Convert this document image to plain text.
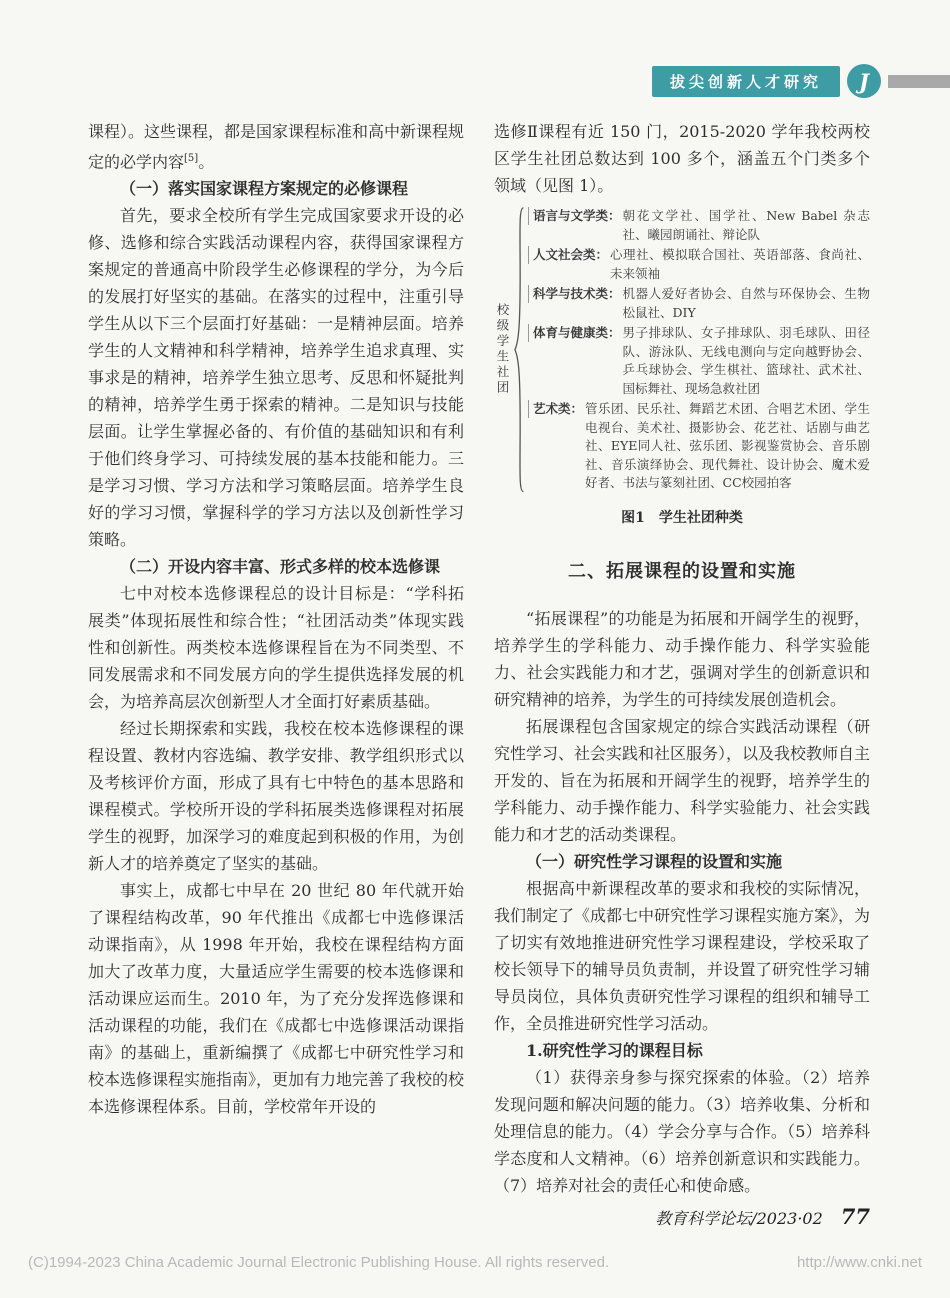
拔尖创新人才研究	J

课程）。这些课程，都是国家课程标准和高中新课程规定的必学内容[5]。

（一）落实国家课程方案规定的必修课程

首先，要求全校所有学生完成国家要求开设的必修、选修和综合实践活动课程内容，获得国家课程方案规定的普通高中阶段学生必修课程的学分，为今后的发展打好坚实的基础。在落实的过程中，注重引导学生从以下三个层面打好基础：一是精神层面。培养学生的人文精神和科学精神，培养学生追求真理、实事求是的精神，培养学生独立思考、反思和怀疑批判的精神，培养学生勇于探索的精神。二是知识与技能层面。让学生掌握必备的、有价值的基础知识和有利于他们终身学习、可持续发展的基本技能和能力。三是学习习惯、学习方法和学习策略层面。培养学生良好的学习习惯，掌握科学的学习方法以及创新性学习策略。

（二）开设内容丰富、形式多样的校本选修课

七中对校本选修课程总的设计目标是：“学科拓展类”体现拓展性和综合性；“社团活动类”体现实践性和创新性。两类校本选修课程旨在为不同类型、不同发展需求和不同发展方向的学生提供选择发展的机会，为培养高层次创新型人才全面打好素质基础。

经过长期探索和实践，我校在校本选修课程的课程设置、教材内容选编、教学安排、教学组织形式以及考核评价方面，形成了具有七中特色的基本思路和课程模式。学校所开设的学科拓展类选修课程对拓展学生的视野，加深学习的难度起到积极的作用，为创新人才的培养奠定了坚实的基础。

事实上，成都七中早在 20 世纪 80 年代就开始了课程结构改革，90 年代推出《成都七中选修课活动课指南》，从 1998 年开始，我校在课程结构方面加大了改革力度，大量适应学生需要的校本选修课和活动课应运而生。2010 年，为了充分发挥选修课和活动课程的功能，我们在《成都七中选修课活动课指南》的基础上，重新编撰了《成都七中研究性学习和校本选修课程实施指南》，更加有力地完善了我校的校本选修课程体系。目前，学校常年开设的

选修Ⅱ课程有近 150 门，2015-2020 学年我校两校区学生社团总数达到 100 多个，涵盖五个门类多个领域（见图 1）。

校级学生社团
语言与文学类： 朝花文学社、国学社、New Babel 杂志社、曦园朗诵社、辩论队
人文社会类： 心理社、模拟联合国社、英语部落、食尚社、未来领袖
科学与技术类： 机器人爱好者协会、自然与环保协会、生物松鼠社、DIY
体育与健康类： 男子排球队、女子排球队、羽毛球队、田径队、游泳队、无线电测向与定向越野协会、乒乓球协会、学生棋社、篮球社、武术社、国标舞社、现场急救社团
艺术类： 管乐团、民乐社、舞蹈艺术团、合唱艺术团、学生电视台、美术社、摄影协会、花艺社、话剧与曲艺社、EYE同人社、弦乐团、影视鉴赏协会、音乐剧社、音乐演绎协会、现代舞社、设计协会、魔术爱好者、书法与篆刻社团、CC校园拍客
图1　学生社团种类
二、拓展课程的设置和实施

“拓展课程”的功能是为拓展和开阔学生的视野，培养学生的学科能力、动手操作能力、科学实验能力、社会实践能力和才艺，强调对学生的创新意识和研究精神的培养，为学生的可持续发展创造机会。

拓展课程包含国家规定的综合实践活动课程（研究性学习、社会实践和社区服务），以及我校教师自主开发的、旨在为拓展和开阔学生的视野，培养学生的学科能力、动手操作能力、科学实验能力、社会实践能力和才艺的活动类课程。

（一）研究性学习课程的设置和实施

根据高中新课程改革的要求和我校的实际情况，我们制定了《成都七中研究性学习课程实施方案》，为了切实有效地推进研究性学习课程建设，学校采取了校长领导下的辅导员负责制，并设置了研究性学习辅导员岗位，具体负责研究性学习课程的组织和辅导工作，全员推进研究性学习活动。

1.研究性学习的课程目标

（1）获得亲身参与探究探索的体验。（2）培养发现问题和解决问题的能力。（3）培养收集、分析和处理信息的能力。（4）学会分享与合作。（5）培养科学态度和人文精神。（6）培养创新意识和实践能力。（7）培养对社会的责任心和使命感。

教育科学论坛/2023·02 77
(C)1994-2023 China Academic Journal Electronic Publishing House. All rights reserved.	http://www.cnki.net
